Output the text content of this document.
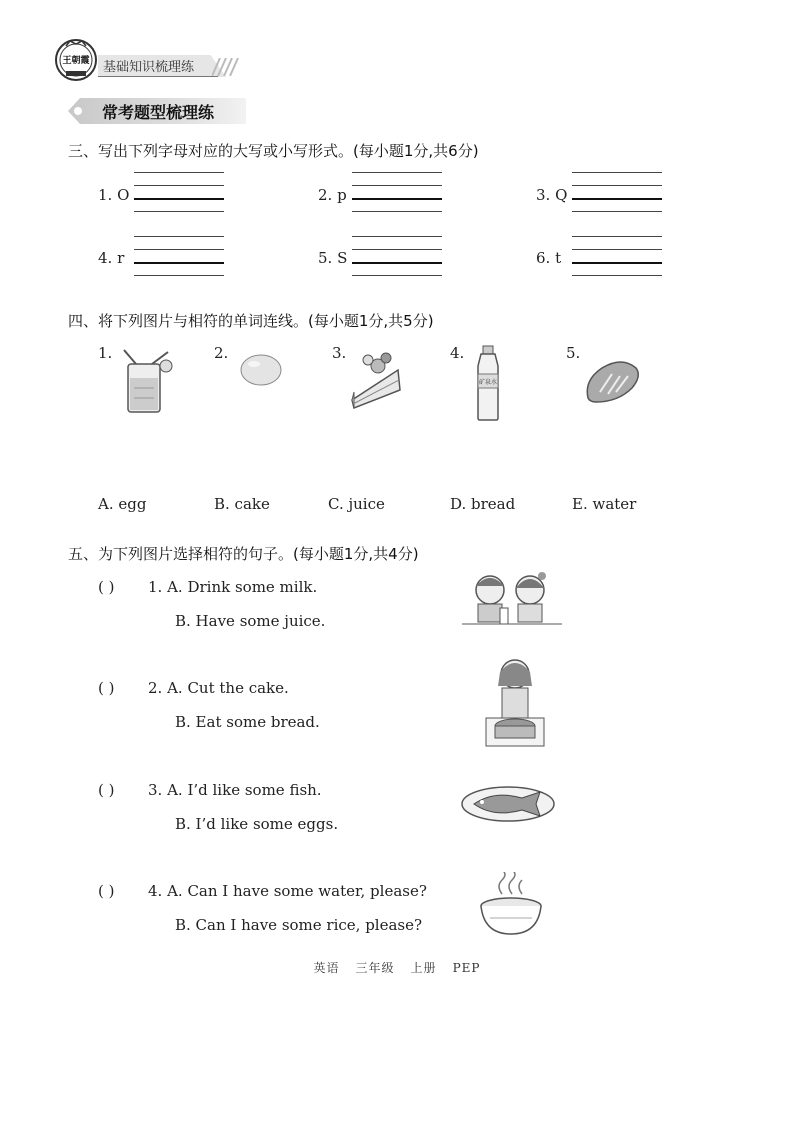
王朝霞	基础知识梳理练
常考题型梳理练
三、写出下列字母对应的大写或小写形式。(每小题1分,共6分)
1. O	2. p	3. Q
4. r	5. S	6. t
四、将下列图片与相符的单词连线。(每小题1分,共5分)
1.	2.	3.	4.
矿泉水
5.
A. egg	B. cake	C. juice	D. bread	E. water
五、为下列图片选择相符的句子。(每小题1分,共4分)
( ) 1. A. Drink some milk.
B. Have some juice.
( ) 2. A. Cut the cake.
B. Eat some bread.
( ) 3. A. I’d like some fish.
B. I’d like some eggs.
( ) 4. A. Can I have some water, please?
B. Can I have some rice, please?
英语 三年级 上册 PEP
